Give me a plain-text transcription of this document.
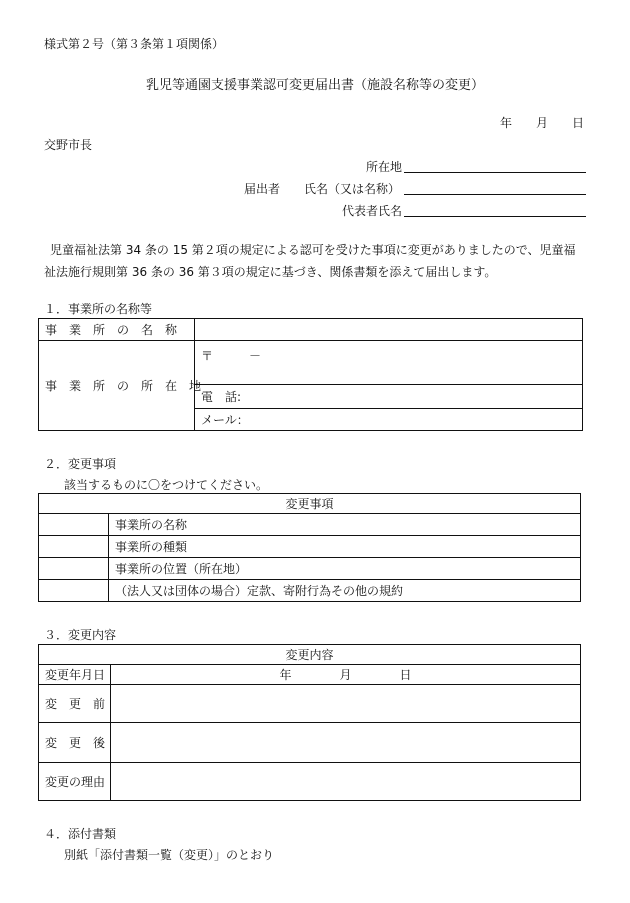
様式第２号（第３条第１項関係）
乳児等通園支援事業認可変更届出書（施設名称等の変更）
年　　月　　日
交野市長
所在地
届出者 氏名（又は名称）
代表者氏名
　児童福祉法第 34 条の 15 第２項の規定による認可を受けた事項に変更がありましたので、児童福
祉法施行規則第 36 条の 36 第３項の規定に基づき、関係書類を添えて届出します。
１．事業所の名称等
事　業　所　の　名　称	
事　業　所　の　所　在　地	〒　　　－
	電　話:
	メール：
２．変更事項
該当するものに〇をつけてください。
変更事項	
	事業所の名称
	事業所の種類
	事業所の位置（所在地）
	（法人又は団体の場合）定款、寄附行為その他の規約
３．変更内容
変更内容	
変更年月日	年　　　　月　　　　日
変　更　前	
変　更　後	
変更の理由	
４．添付書類
別紙「添付書類一覧（変更）」のとおり
